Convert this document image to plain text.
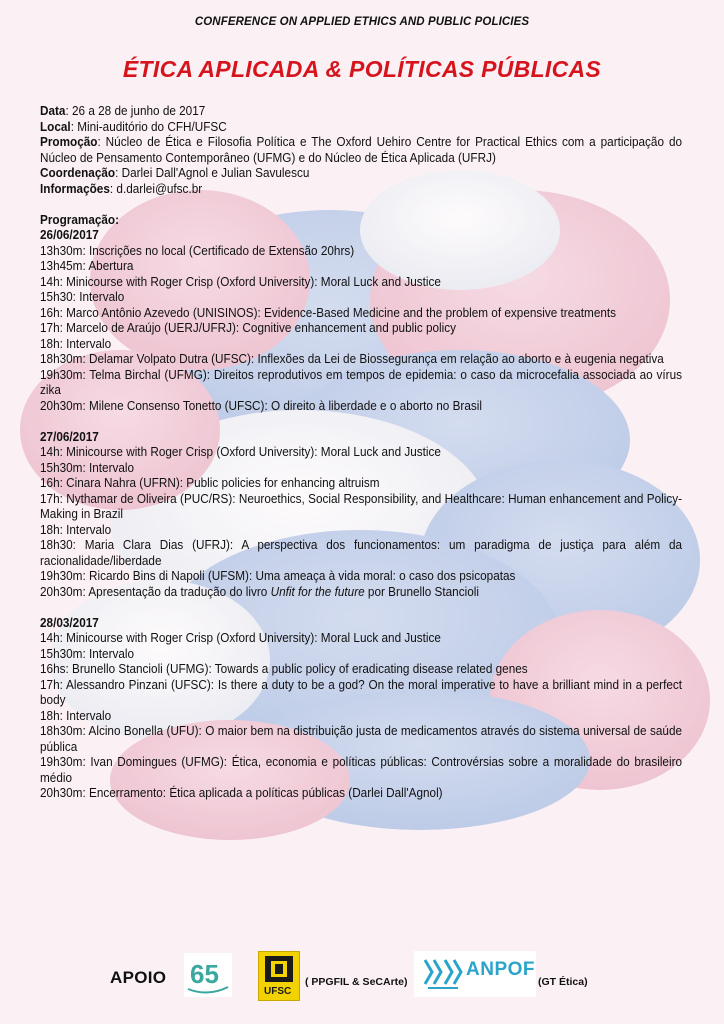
CONFERENCE ON APPLIED ETHICS AND PUBLIC POLICIES
ÉTICA APLICADA & POLÍTICAS PÚBLICAS

Data: 26 a 28 de junho de 2017

Local: Mini-auditório do CFH/UFSC

Promoção: Núcleo de Ética e Filosofia Política e The Oxford Uehiro Centre for Practical Ethics com a participação do Núcleo de Pensamento Contemporâneo (UFMG) e do Núcleo de Ética Aplicada (UFRJ)

Coordenação: Darlei Dall'Agnol e Julian Savulescu

Informações: d.darlei@ufsc.br

Programação:

26/06/2017

13h30m: Inscrições no local (Certificado de Extensão 20hrs)

13h45m: Abertura

14h: Minicourse with Roger Crisp (Oxford University): Moral Luck and Justice

15h30: Intervalo

16h: Marco Antônio Azevedo (UNISINOS): Evidence-Based Medicine and the problem of expensive treatments

17h: Marcelo de Araújo (UERJ/UFRJ): Cognitive enhancement and public policy

18h: Intervalo

18h30m: Delamar Volpato Dutra (UFSC): Inflexões da Lei de Biossegurança em relação ao aborto e à eugenia negativa

19h30m: Telma Birchal (UFMG): Direitos reprodutivos em tempos de epidemia: o caso da microcefalia associada ao vírus zika

20h30m: Milene Consenso Tonetto (UFSC): O direito à liberdade e o aborto no Brasil

27/06/2017

14h: Minicourse with Roger Crisp (Oxford University): Moral Luck and Justice

15h30m: Intervalo

16h: Cinara Nahra (UFRN): Public policies for enhancing altruism

17h: Nythamar de Oliveira (PUC/RS): Neuroethics, Social Responsibility, and Healthcare: Human enhancement and Policy-Making in Brazil

18h: Intervalo

18h30: Maria Clara Dias (UFRJ): A perspectiva dos funcionamentos: um paradigma de justiça para além da racionalidade/liberdade

19h30m: Ricardo Bins di Napoli (UFSM): Uma ameaça à vida moral: o caso dos psicopatas

20h30m: Apresentação da tradução do livro Unfit for the future por Brunello Stancioli

28/03/2017

14h: Minicourse with Roger Crisp (Oxford University): Moral Luck and Justice

15h30m: Intervalo

16hs: Brunello Stancioli (UFMG): Towards a public policy of eradicating disease related genes

17h: Alessandro Pinzani (UFSC): Is there a duty to be a god? On the moral imperative to have a brilliant mind in a perfect body

18h: Intervalo

18h30m: Alcino Bonella (UFU): O maior bem na distribuição justa de medicamentos através do sistema universal de saúde pública

19h30m: Ivan Domingues (UFMG): Ética, economia e políticas públicas: Controvérsias sobre a moralidade do brasileiro médio

20h30m: Encerramento: Ética aplicada a políticas públicas (Darlei Dall'Agnol)

APOIO 65
UFSC
( PPGFIL & SeCArte)
ANPOF
(GT Ética)
